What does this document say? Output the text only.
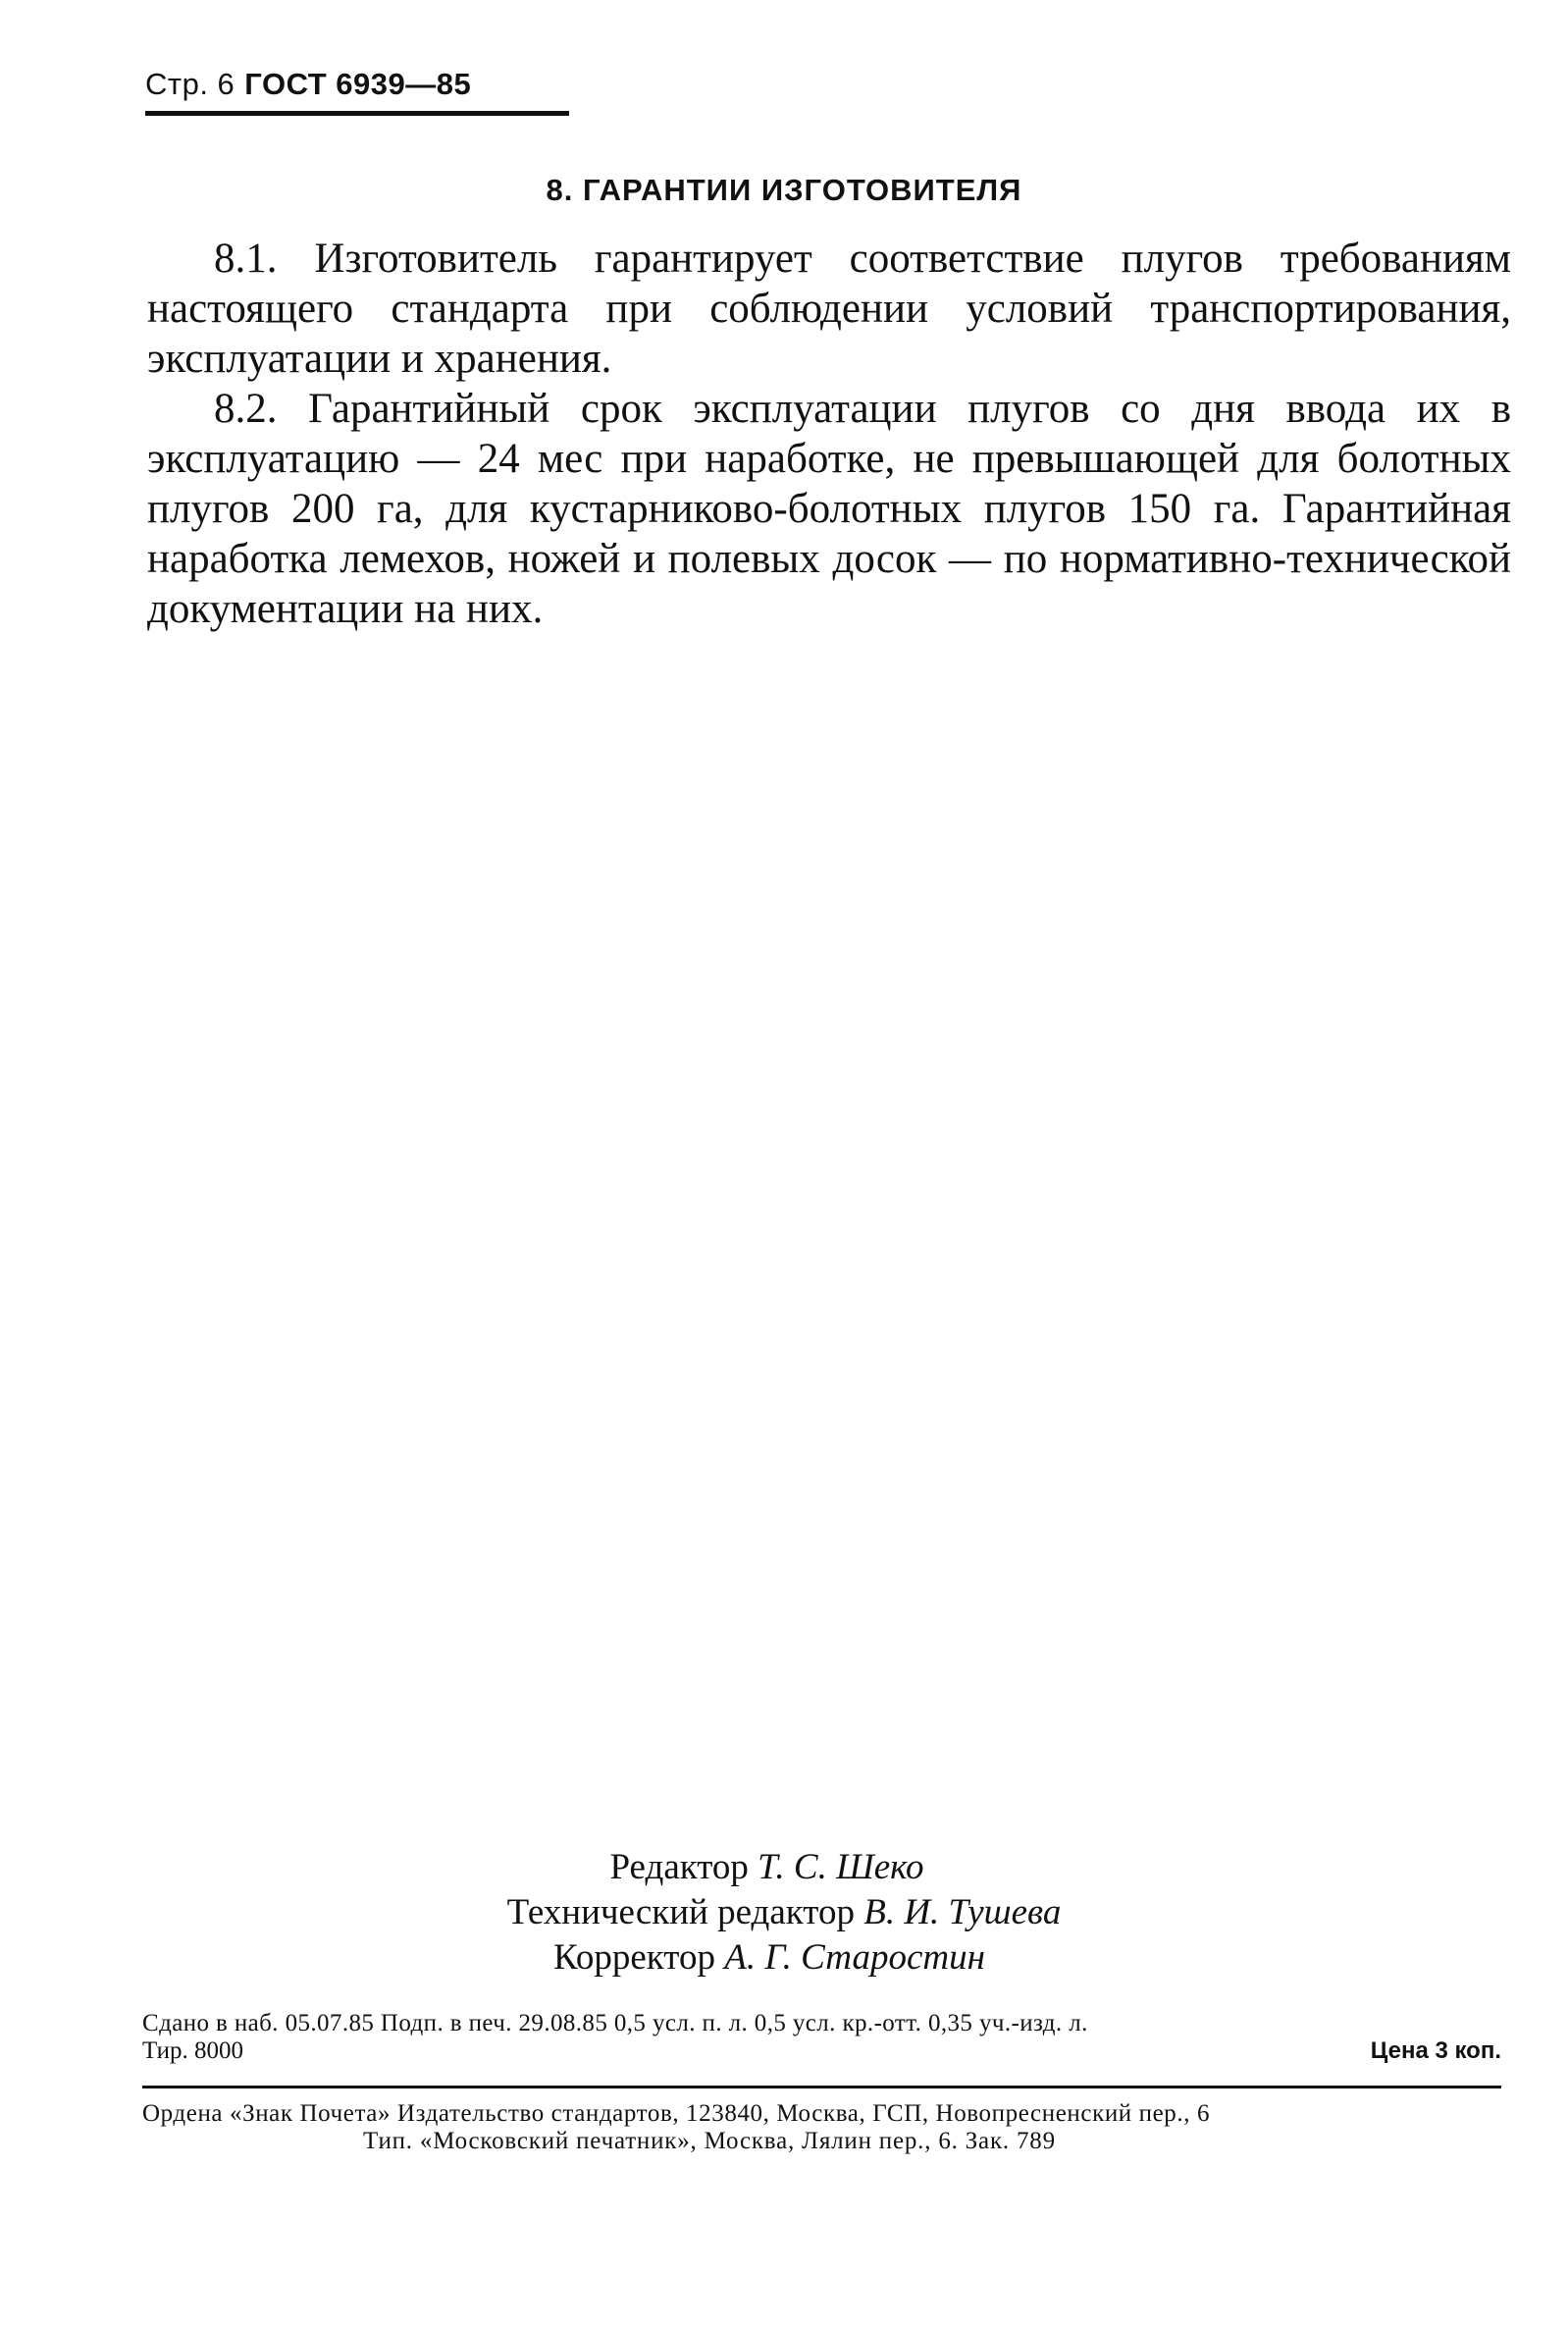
Стр. 6 ГОСТ 6939—85
8. ГАРАНТИИ ИЗГОТОВИТЕЛЯ

8.1. Изготовитель гарантирует соответствие плугов требованиям настоящего стандарта при соблюдении условий транспортирования, эксплуатации и хранения.

8.2. Гарантийный срок эксплуатации плугов со дня ввода их в эксплуатацию — 24 мес при наработке, не превышающей для болотных плугов 200 га, для кустарниково-болотных плугов 150 га. Гарантийная наработка лемехов, ножей и полевых досок — по нормативно-технической документации на них.

Редактор Т. С. Шеко
Технический редактор В. И. Тушева
Корректор А. Г. Старостин
Сдано в наб. 05.07.85 Подп. в печ. 29.08.85 0,5 усл. п. л. 0,5 усл. кр.-отт. 0,35 уч.-изд. л.
Тир. 8000	Цена 3 коп.
Ордена «Знак Почета» Издательство стандартов, 123840, Москва, ГСП, Новопресненский пер., 6
Тип. «Московский печатник», Москва, Лялин пер., 6. Зак. 789
